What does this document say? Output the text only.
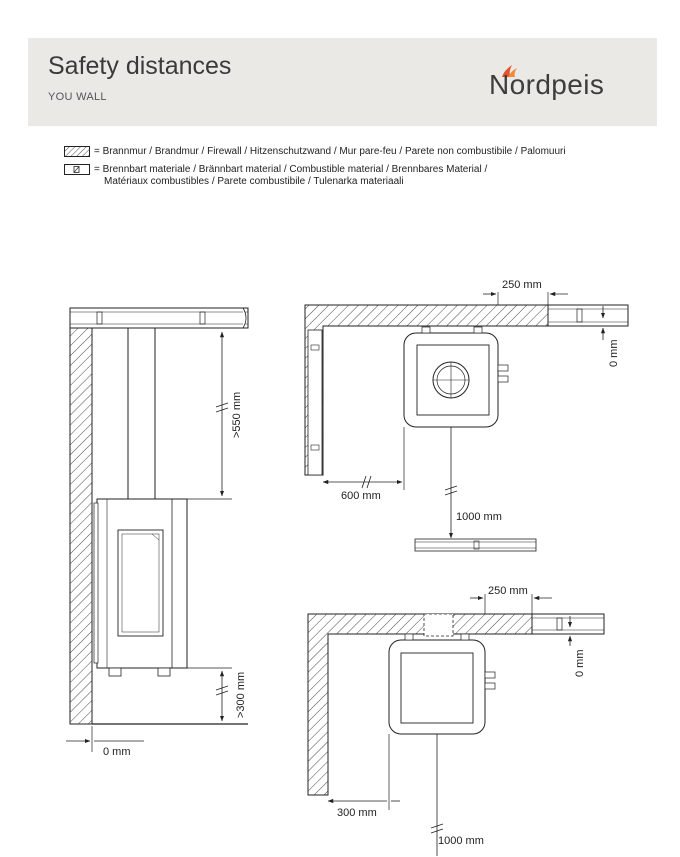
Safety distances
YOU WALL	Nordpeis
= Brannmur / Brandmur / Firewall / Hitzenschutzwand / Mur pare-feu / Parete non combustibile / Palomuuri
= Brennbart materiale / Brännbart material / Combustible material / Brennbares Material /
Matériaux combustibles / Parete combustibile / Tulenarka materiaali
>550 mm
>300 mm
0 mm
250 mm
0 mm
600 mm
1000 mm
250 mm
0 mm
300 mm
1000 mm
